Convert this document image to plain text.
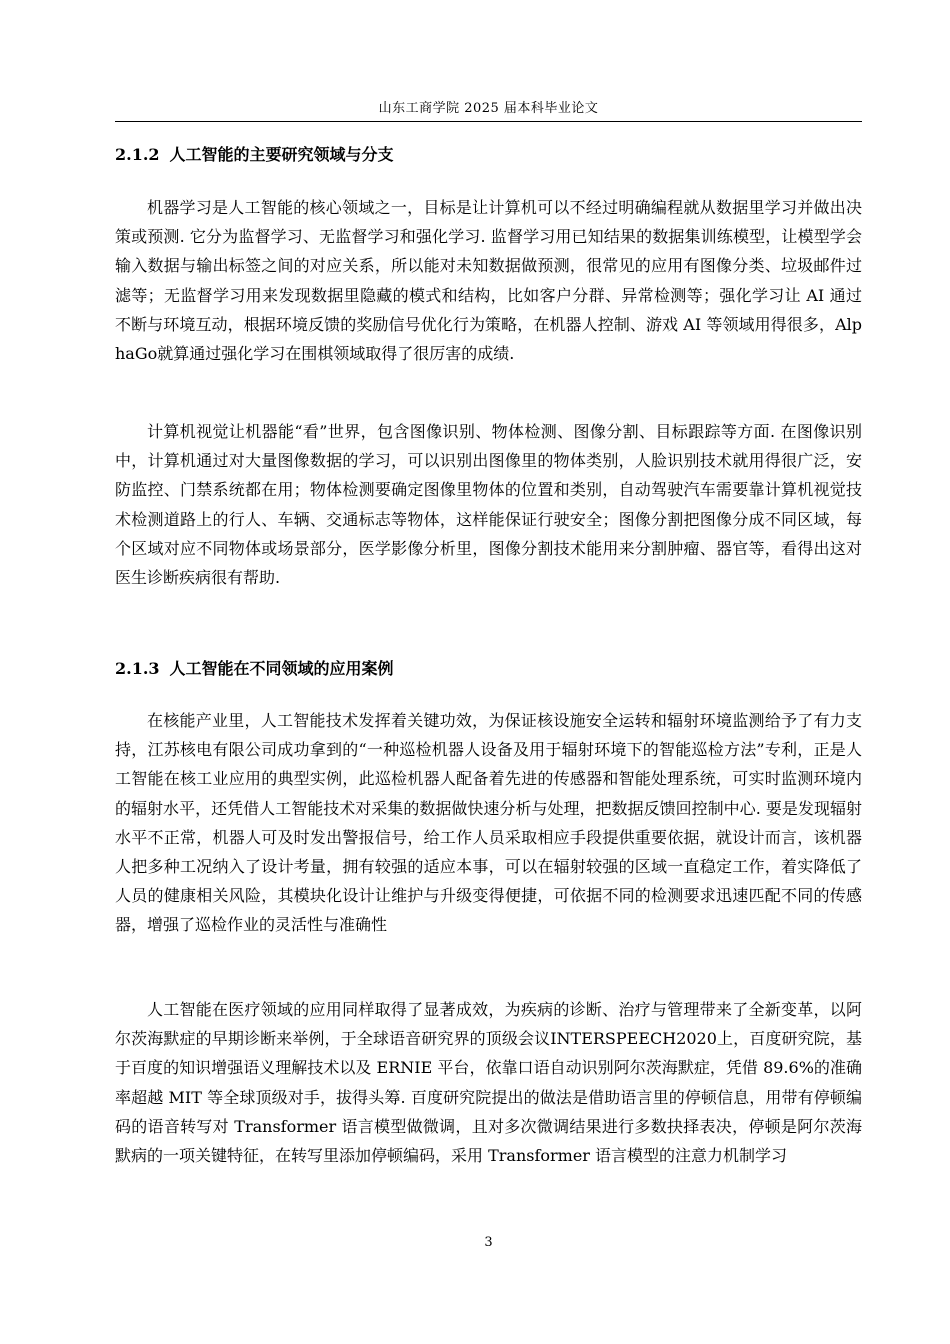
山东工商学院 2025 届本科毕业论文
2.1.2 人工智能的主要研究领域与分支

机器学习是人工智能的核心领域之一，目标是让计算机可以不经过明确编程就从数据里学习并做出决策或预测. 它分为监督学习、无监督学习和强化学习. 监督学习用已知结果的数据集训练模型，让模型学会输入数据与输出标签之间的对应关系，所以能对未知数据做预测，很常见的应用有图像分类、垃圾邮件过滤等；无监督学习用来发现数据里隐藏的模式和结构，比如客户分群、异常检测等；强化学习让 AI 通过不断与环境互动，根据环境反馈的奖励信号优化行为策略，在机器人控制、游戏 AI 等领域用得很多，AlphaGo就算通过强化学习在围棋领域取得了很厉害的成绩.

计算机视觉让机器能“看”世界，包含图像识别、物体检测、图像分割、目标跟踪等方面. 在图像识别中，计算机通过对大量图像数据的学习，可以识别出图像里的物体类别，人脸识别技术就用得很广泛，安防监控、门禁系统都在用；物体检测要确定图像里物体的位置和类别，自动驾驶汽车需要靠计算机视觉技术检测道路上的行人、车辆、交通标志等物体，这样能保证行驶安全；图像分割把图像分成不同区域，每个区域对应不同物体或场景部分，医学影像分析里，图像分割技术能用来分割肿瘤、器官等，看得出这对医生诊断疾病很有帮助.

2.1.3 人工智能在不同领域的应用案例

在核能产业里，人工智能技术发挥着关键功效，为保证核设施安全运转和辐射环境监测给予了有力支持，江苏核电有限公司成功拿到的“一种巡检机器人设备及用于辐射环境下的智能巡检方法”专利，正是人工智能在核工业应用的典型实例，此巡检机器人配备着先进的传感器和智能处理系统，可实时监测环境内的辐射水平，还凭借人工智能技术对采集的数据做快速分析与处理，把数据反馈回控制中心. 要是发现辐射水平不正常，机器人可及时发出警报信号，给工作人员采取相应手段提供重要依据，就设计而言，该机器人把多种工况纳入了设计考量，拥有较强的适应本事，可以在辐射较强的区域一直稳定工作，着实降低了人员的健康相关风险，其模块化设计让维护与升级变得便捷，可依据不同的检测要求迅速匹配不同的传感器，增强了巡检作业的灵活性与准确性

人工智能在医疗领域的应用同样取得了显著成效，为疾病的诊断、治疗与管理带来了全新变革，以阿尔茨海默症的早期诊断来举例，于全球语音研究界的顶级会议INTERSPEECH2020上，百度研究院，基于百度的知识增强语义理解技术以及 ERNIE 平台，依靠口语自动识别阿尔茨海默症，凭借 89.6%的准确率超越 MIT 等全球顶级对手，拔得头筹. 百度研究院提出的做法是借助语言里的停顿信息，用带有停顿编码的语音转写对 Transformer 语言模型做微调，且对多次微调结果进行多数抉择表决，停顿是阿尔茨海默病的一项关键特征，在转写里添加停顿编码，采用 Transformer 语言模型的注意力机制学习

3
